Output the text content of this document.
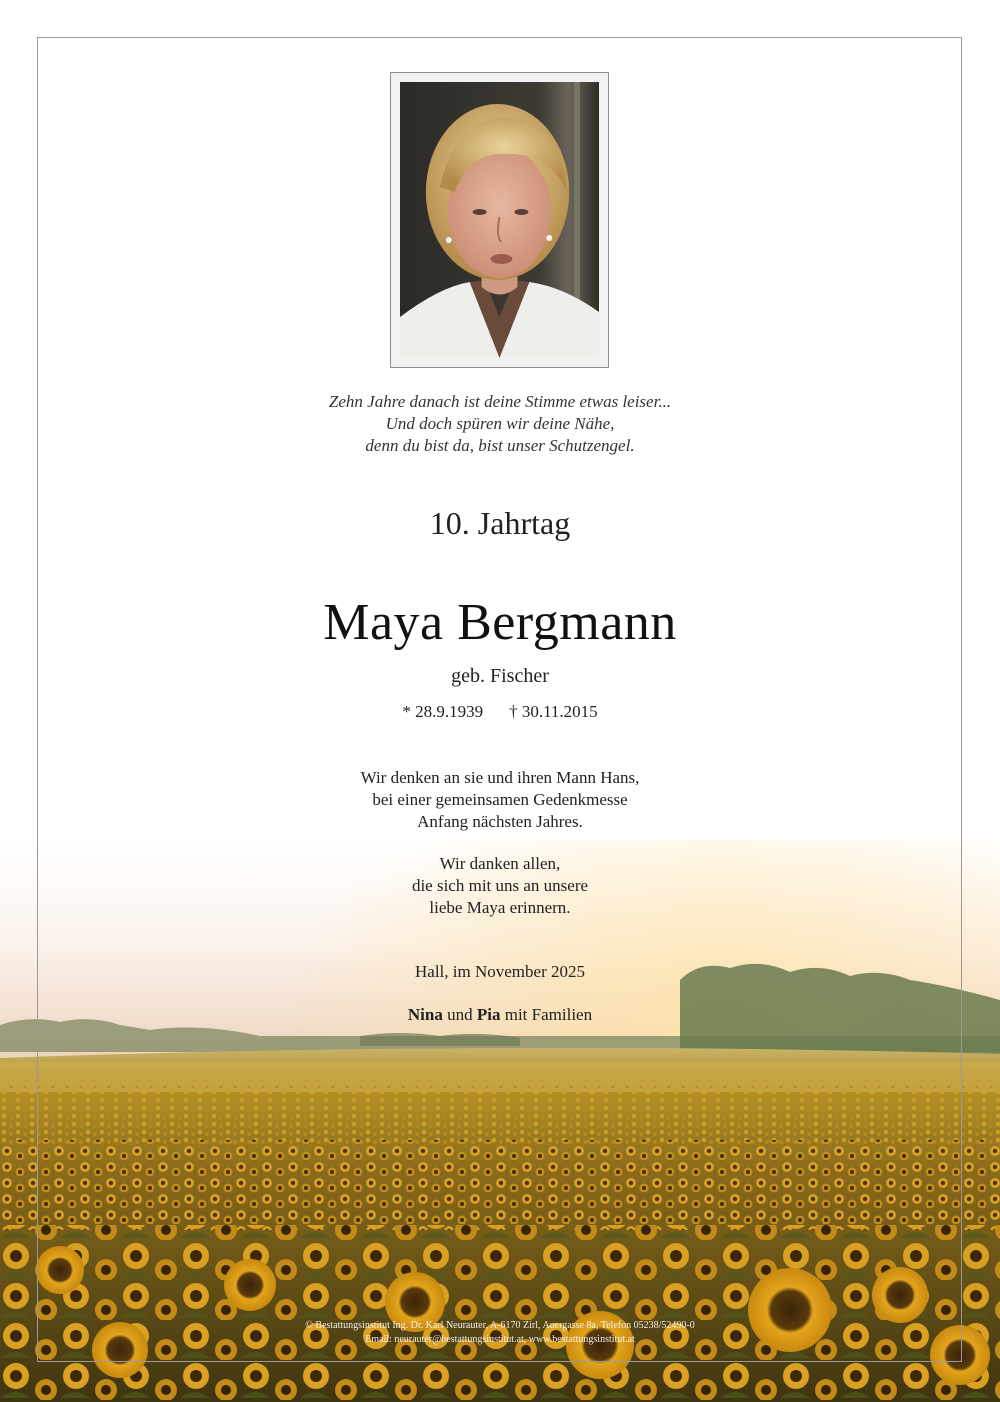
Zehn Jahre danach ist deine Stimme etwas leiser...
Und doch spüren wir deine Nähe,
denn du bist da, bist unser Schutzengel.
10. Jahrtag
Maya Bergmann
geb. Fischer
* 28.9.1939 † 30.11.2015
Wir denken an sie und ihren Mann Hans,
bei einer gemeinsamen Gedenkmesse
Anfang nächsten Jahres.
Wir danken allen,
die sich mit uns an unsere
liebe Maya erinnern.
Hall, im November 2025
Nina und Pia mit Familien
© Bestattungsinstitut Ing. Dr. Karl Neurauter, A-6170 Zirl, Auergasse 8a, Telefon 05238/52490-0
Email: neurauter@bestattungsinstitut.at, www.bestattungsinstitut.at
